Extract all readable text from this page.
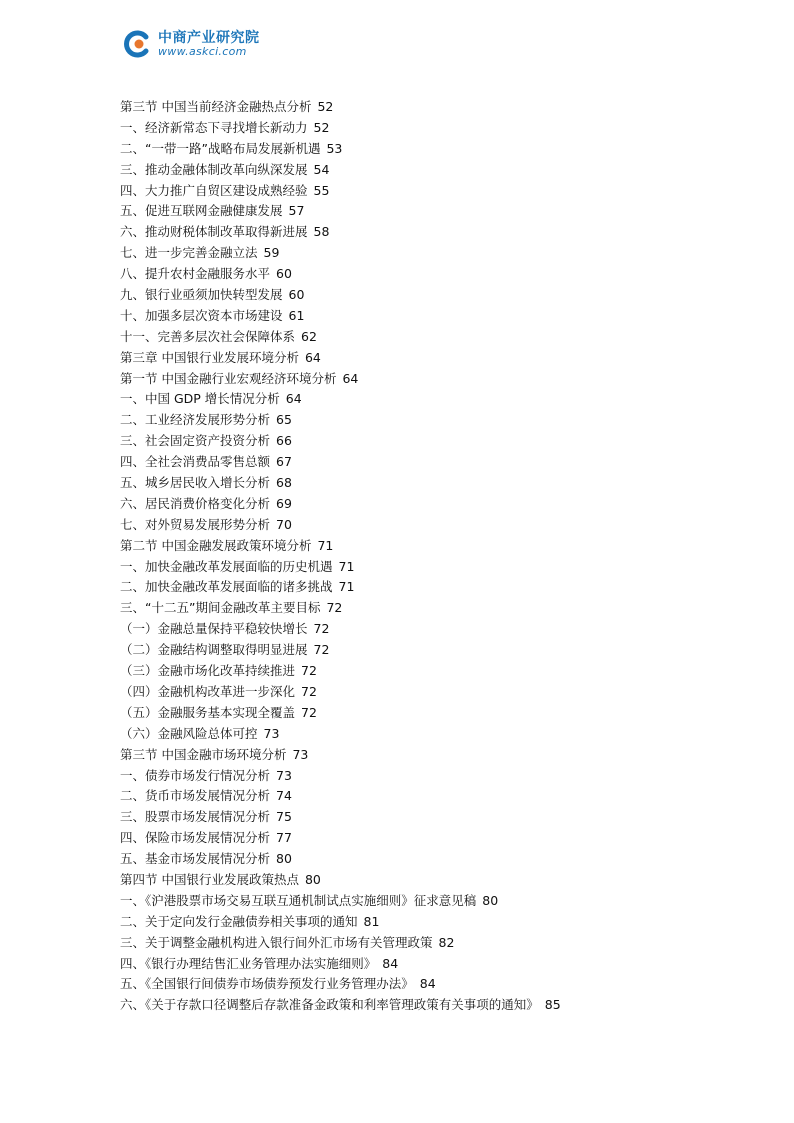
中商产业研究院
www.askci.com
第三节 中国当前经济金融热点分析 52
一、经济新常态下寻找增长新动力 52
二、“一带一路”战略布局发展新机遇 53
三、推动金融体制改革向纵深发展 54
四、大力推广自贸区建设成熟经验 55
五、促进互联网金融健康发展 57
六、推动财税体制改革取得新进展 58
七、进一步完善金融立法 59
八、提升农村金融服务水平 60
九、银行业亟须加快转型发展 60
十、加强多层次资本市场建设 61
十一、完善多层次社会保障体系 62
第三章 中国银行业发展环境分析 64
第一节 中国金融行业宏观经济环境分析 64
一、中国 GDP 增长情况分析 64
二、工业经济发展形势分析 65
三、社会固定资产投资分析 66
四、全社会消费品零售总额 67
五、城乡居民收入增长分析 68
六、居民消费价格变化分析 69
七、对外贸易发展形势分析 70
第二节 中国金融发展政策环境分析 71
一、加快金融改革发展面临的历史机遇 71
二、加快金融改革发展面临的诸多挑战 71
三、“十二五”期间金融改革主要目标 72
（一）金融总量保持平稳较快增长 72
（二）金融结构调整取得明显进展 72
（三）金融市场化改革持续推进 72
（四）金融机构改革进一步深化 72
（五）金融服务基本实现全覆盖 72
（六）金融风险总体可控 73
第三节 中国金融市场环境分析 73
一、债券市场发行情况分析 73
二、货币市场发展情况分析 74
三、股票市场发展情况分析 75
四、保险市场发展情况分析 77
五、基金市场发展情况分析 80
第四节 中国银行业发展政策热点 80
一、《沪港股票市场交易互联互通机制试点实施细则》征求意见稿 80
二、关于定向发行金融债券相关事项的通知 81
三、关于调整金融机构进入银行间外汇市场有关管理政策 82
四、《银行办理结售汇业务管理办法实施细则》 84
五、《全国银行间债券市场债券预发行业务管理办法》 84
六、《关于存款口径调整后存款准备金政策和利率管理政策有关事项的通知》 85
